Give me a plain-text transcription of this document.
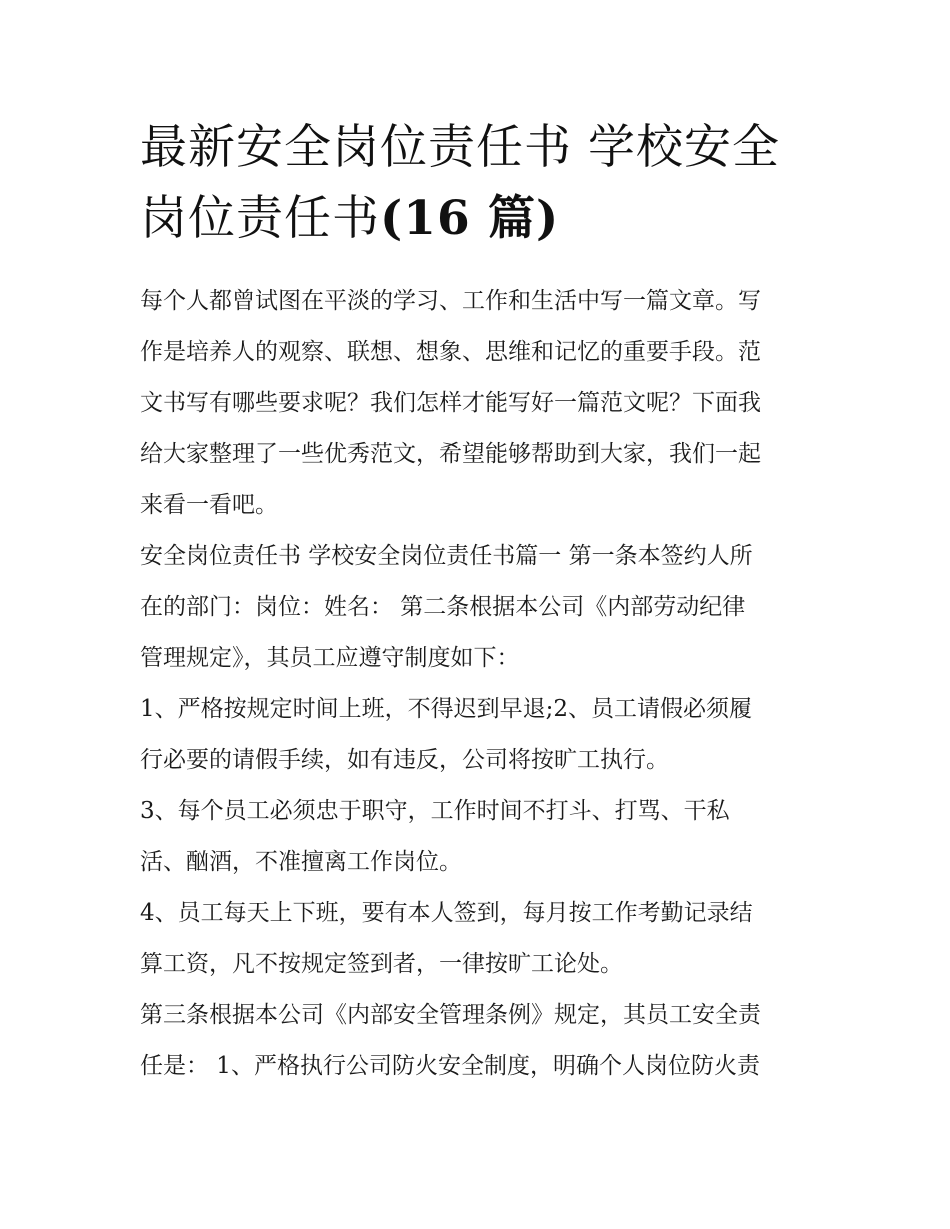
最新安全岗位责任书 学校安全
岗位责任书(16 篇)

每个人都曾试图在平淡的学习、工作和生活中写一篇文章。写
作是培养人的观察、联想、想象、思维和记忆的重要手段。范
文书写有哪些要求呢？我们怎样才能写好一篇范文呢？下面我
给大家整理了一些优秀范文，希望能够帮助到大家，我们一起
来看一看吧。

安全岗位责任书 学校安全岗位责任书篇一 第一条本签约人所
在的部门：岗位：姓名： 第二条根据本公司《内部劳动纪律
管理规定》，其员工应遵守制度如下：

1、严格按规定时间上班，不得迟到早退;2、员工请假必须履
行必要的请假手续，如有违反，公司将按旷工执行。

3、每个员工必须忠于职守，工作时间不打斗、打骂、干私
活、酗酒，不准擅离工作岗位。

4、员工每天上下班，要有本人签到，每月按工作考勤记录结
算工资，凡不按规定签到者，一律按旷工论处。

第三条根据本公司《内部安全管理条例》规定，其员工安全责
任是： 1、严格执行公司防火安全制度，明确个人岗位防火责
